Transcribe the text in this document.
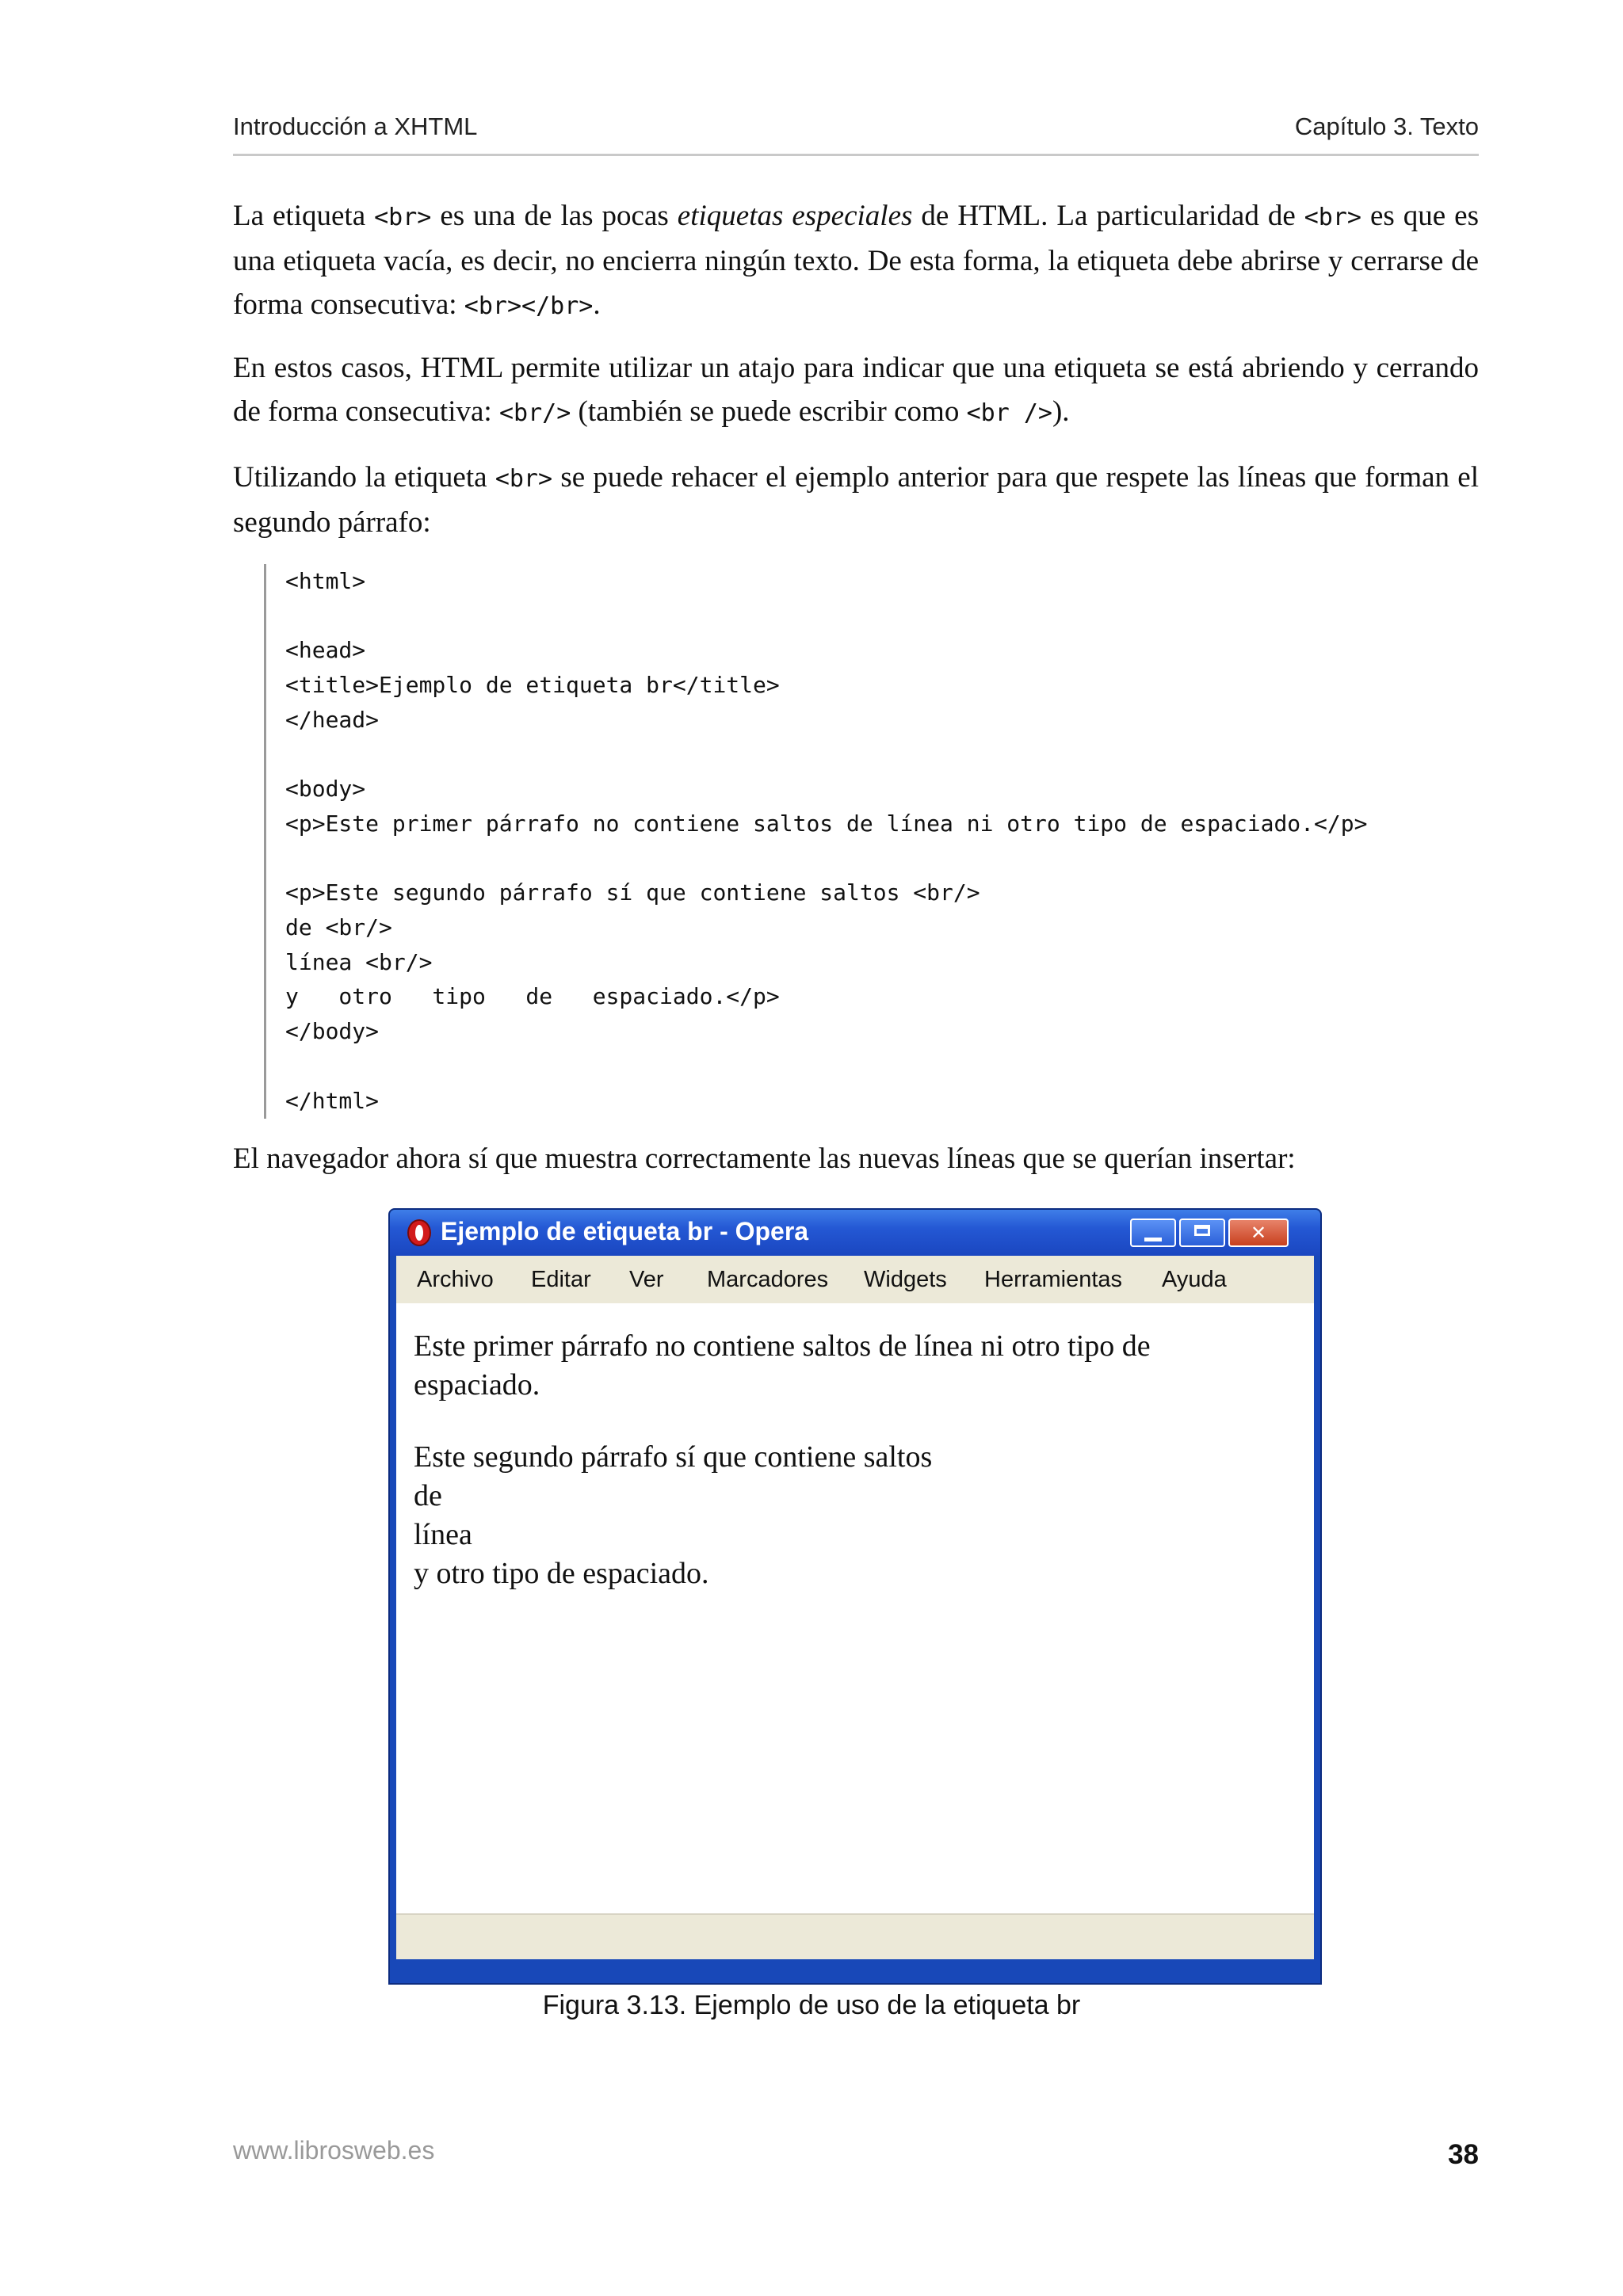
Introducción a XHTML	Capítulo 3. Texto

La etiqueta <br> es una de las pocas etiquetas especiales de HTML. La particularidad de <br> es que es una etiqueta vacía, es decir, no encierra ningún texto. De esta forma, la etiqueta debe abrirse y cerrarse de forma consecutiva: <br></br>.

En estos casos, HTML permite utilizar un atajo para indicar que una etiqueta se está abriendo y cerrando de forma consecutiva: <br/> (también se puede escribir como <br />).

Utilizando la etiqueta <br> se puede rehacer el ejemplo anterior para que respete las líneas que forman el segundo párrafo:

<html>

<head>
<title>Ejemplo de etiqueta br</title>
</head>

<body>
<p>Este primer párrafo no contiene saltos de línea ni otro tipo de espaciado.</p>

<p>Este segundo párrafo sí que contiene saltos <br/>
de <br/>
línea <br/>
y   otro   tipo   de   espaciado.</p>
</body>

</html>

El navegador ahora sí que muestra correctamente las nuevas líneas que se querían insertar:

Ejemplo de etiqueta br - Opera	✕
Archivo Editar Ver Marcadores Widgets Herramientas Ayuda

Este primer párrafo no contiene saltos de línea ni otro tipo de

espaciado.

Este segundo párrafo sí que contiene saltos

de

línea

y otro tipo de espaciado.

Figura 3.13. Ejemplo de uso de la etiqueta br
www.librosweb.es	38
